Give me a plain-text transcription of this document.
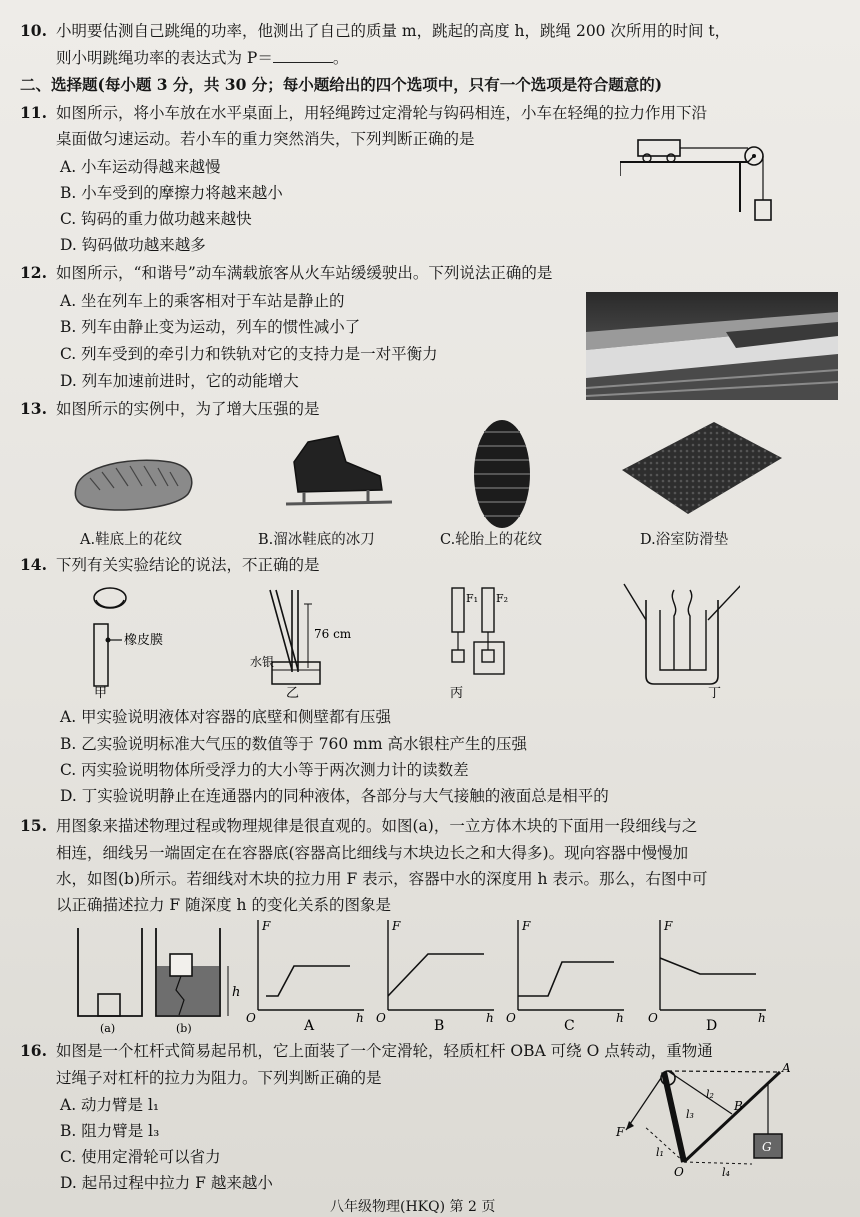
10. 小明要估测自己跳绳的功率，他测出了自己的质量 m，跳起的高度 h，跳绳 200 次所用的时间 t，
则小明跳绳功率的表达式为 P＝	。
二、选择题(每小题 3 分，共 30 分；每小题给出的四个选项中，只有一个选项是符合题意的)
11. 如图所示，将小车放在水平桌面上，用轻绳跨过定滑轮与钩码相连，小车在轻绳的拉力作用下沿
桌面做匀速运动。若小车的重力突然消失，下列判断正确的是
A. 小车运动得越来越慢
B. 小车受到的摩擦力将越来越小
C. 钩码的重力做功越来越快
D. 钩码做功越来越多
12. 如图所示，“和谐号”动车满载旅客从火车站缓缓驶出。下列说法正确的是
A. 坐在列车上的乘客相对于车站是静止的
B. 列车由静止变为运动，列车的惯性减小了
C. 列车受到的牵引力和铁轨对它的支持力是一对平衡力
D. 列车加速前进时，它的动能增大
13. 如图所示的实例中，为了增大压强的是
A.鞋底上的花纹	B.溜冰鞋底的冰刀	C.轮胎上的花纹	D.浴室防滑垫
14. 下列有关实验结论的说法，不正确的是
橡皮膜
甲
76 cm
水银
乙
F₁ F₂
丙	丁
A. 甲实验说明液体对容器的底壁和侧壁都有压强
B. 乙实验说明标准大气压的数值等于 760 mm 高水银柱产生的压强
C. 丙实验说明物体所受浮力的大小等于两次测力计的读数差
D. 丁实验说明静止在连通器内的同种液体，各部分与大气接触的液面总是相平的
15. 用图象来描述物理过程或物理规律是很直观的。如图(a)，一立方体木块的下面用一段细线与之
相连，细线另一端固定在在容器底(容器高比细线与木块边长之和大得多)。现向容器中慢慢加
水，如图(b)所示。若细线对木块的拉力用 F 表示，容器中水的深度用 h 表示。那么，右图中可
以正确描述拉力 F 随深度 h 的变化关系的图象是
(a)
h
(b)
F
h
O	A
F
h
O	B
F
h
O	C
F
h
O	D
16. 如图是一个杠杆式简易起吊机，它上面装了一个定滑轮，轻质杠杆 OBA 可绕 O 点转动，重物通
过绳子对杠杆的拉力为阻力。下列判断正确的是
A. 动力臂是 l₁
B. 阻力臂是 l₃
C. 使用定滑轮可以省力
D. 起吊过程中拉力 F 越来越小
A
B
O
F
G
l₁
l₂
l₃
l₄
八年级物理(HKQ) 第 2 页
